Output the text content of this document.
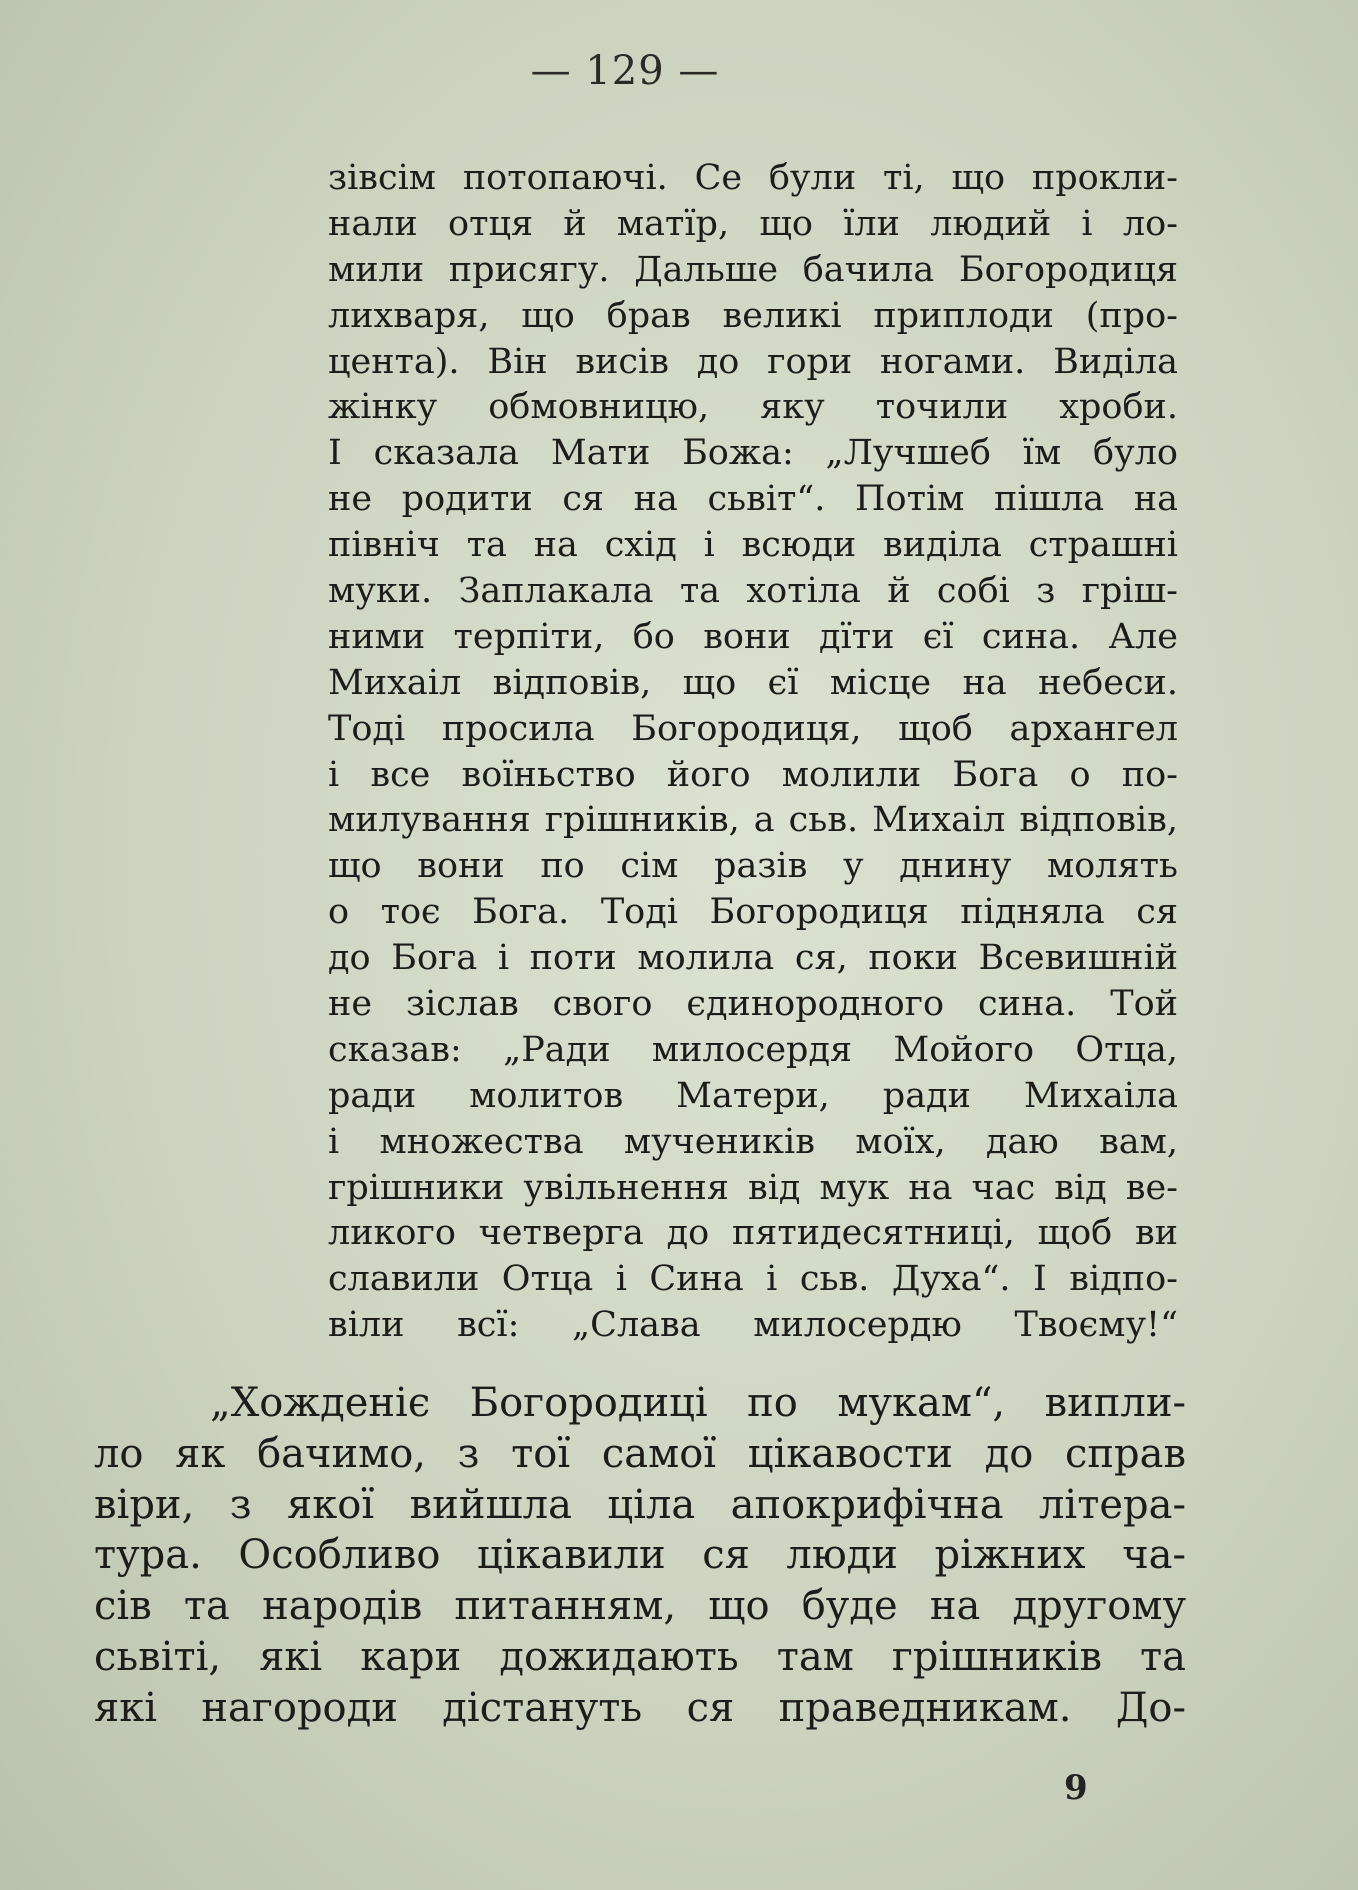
— 129 —
зівсім потопаючі. Се були ті, що прокли-
нали отця й матїр, що їли людий і ло-
мили присягу. Дальше бачила Богородиця
лихваря, що брав великі приплоди (про-
цента). Він висів до гори ногами. Виділа
жінку обмовницю, яку точили хроби.
І сказала Мати Божа: „Лучшеб їм було
не родити ся на сьвіт“. Потім пішла на
північ та на схід і всюди виділа страшні
муки. Заплакала та хотіла й собі з гріш-
ними терпіти, бо вони дїти єї сина. Але
Михаіл відповів, що єї місце на небеси.
Тоді просила Богородиця, щоб архангел
і все воїньство його молили Бога о по-
милування грішників, а сьв. Михаіл відповів,
що вони по сім разів у днину молять
о тоє Бога. Тоді Богородиця підняла ся
до Бога і поти молила ся, поки Всевишній
не зіслав свого єдинородного сина. Той
сказав: „Ради милосердя Мойого Отца,
ради молитов Матери, ради Михаіла
і множества мучеників моїх, даю вам,
грішники увільнення від мук на час від ве-
ликого четверга до пятидесятниці, щоб ви
славили Отца і Сина і сьв. Духа“. І відпо-
віли всї: „Слава милосердю Твоєму!“
„Хожденіє Богородиці по мукам“, випли-
ло як бачимо, з тої самої цікавости до справ
віри, з якої вийшла ціла апокрифічна літера-
тура. Особливо цікавили ся люди ріжних ча-
сів та народів питанням, що буде на другому
сьвіті, які кари дожидають там грішників та
які нагороди дістануть ся праведникам. До-
9
